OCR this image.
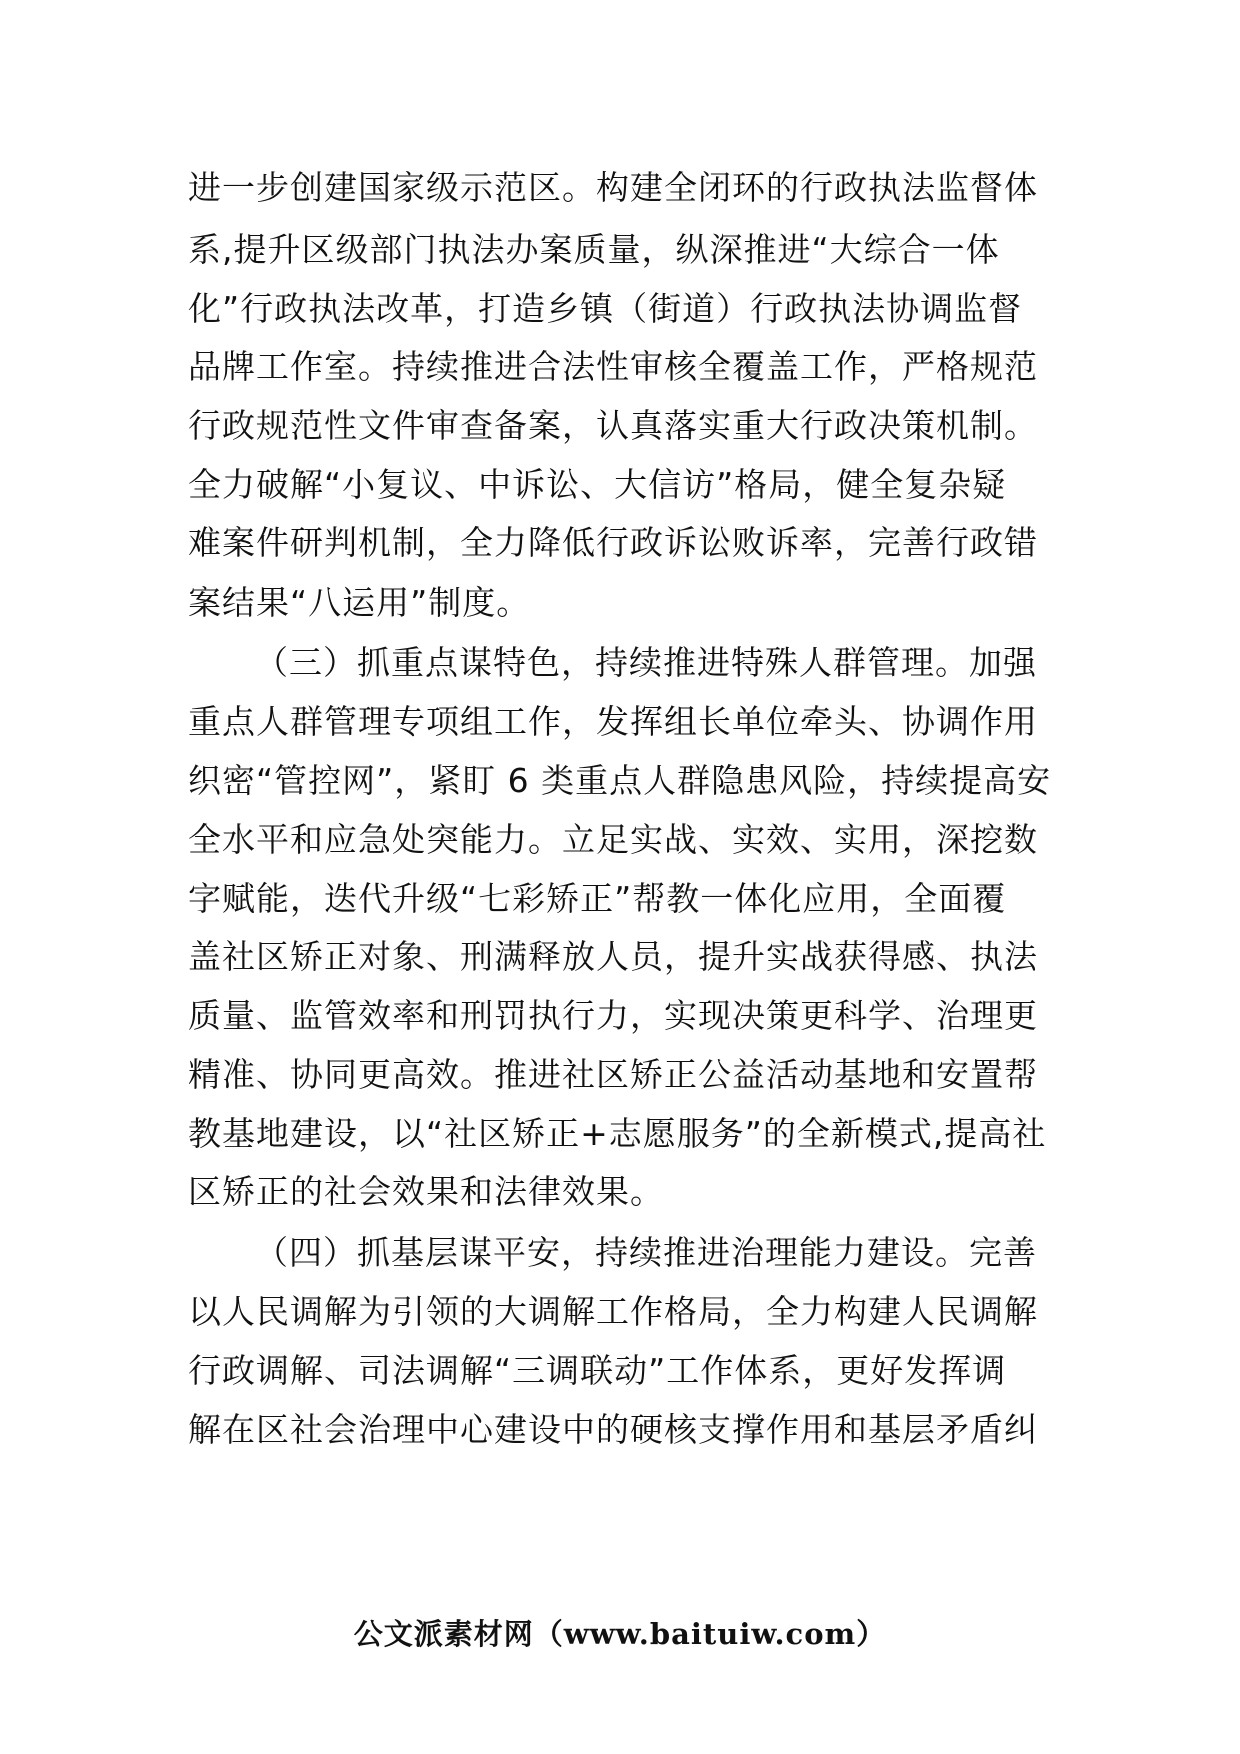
进一步创建国家级示范区。构建全闭环的行政执法监督体
系,提升区级部门执法办案质量，纵深推进“大综合一体
化”行政执法改革，打造乡镇（街道）行政执法协调监督
品牌工作室。持续推进合法性审核全覆盖工作，严格规范
行政规范性文件审查备案，认真落实重大行政决策机制。
全力破解“小复议、中诉讼、大信访”格局，健全复杂疑
难案件研判机制，全力降低行政诉讼败诉率，完善行政错
案结果“八运用”制度。
（三）抓重点谋特色，持续推进特殊人群管理。加强
重点人群管理专项组工作，发挥组长单位牵头、协调作用
织密“管控网”，紧盯 6 类重点人群隐患风险，持续提高安
全水平和应急处突能力。立足实战、实效、实用，深挖数
字赋能，迭代升级“七彩矫正”帮教一体化应用，全面覆
盖社区矫正对象、刑满释放人员，提升实战获得感、执法
质量、监管效率和刑罚执行力，实现决策更科学、治理更
精准、协同更高效。推进社区矫正公益活动基地和安置帮
教基地建设，以“社区矫正+志愿服务”的全新模式,提高社
区矫正的社会效果和法律效果。
（四）抓基层谋平安，持续推进治理能力建设。完善
以人民调解为引领的大调解工作格局，全力构建人民调解
行政调解、司法调解“三调联动”工作体系，更好发挥调
解在区社会治理中心建设中的硬核支撑作用和基层矛盾纠
公文派素材网（www.baituiw.com）
